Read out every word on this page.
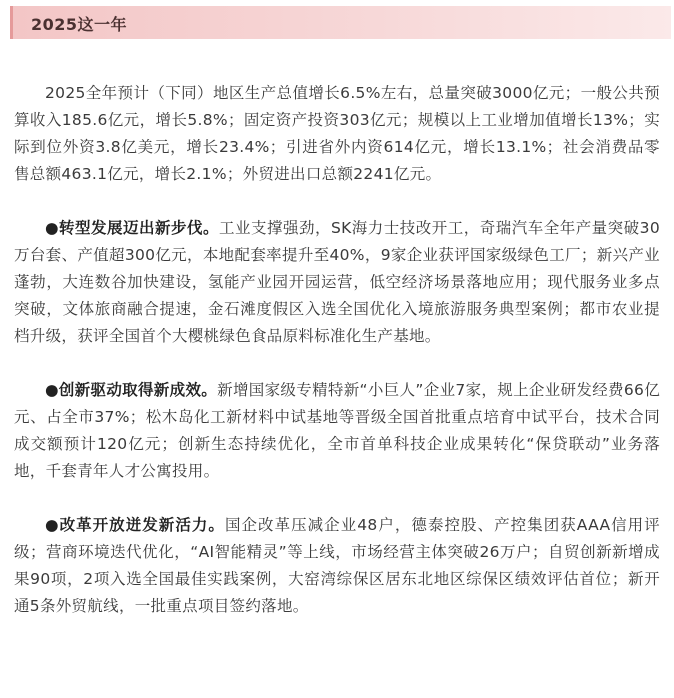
2025这一年

2025全年预计（下同）地区生产总值增长6.5%左右，总量突破3000亿元；一般公共预算收入185.6亿元，增长5.8%；固定资产投资303亿元；规模以上工业增加值增长13%；实际到位外资3.8亿美元，增长23.4%；引进省外内资614亿元，增长13.1%；社会消费品零售总额463.1亿元，增长2.1%；外贸进出口总额2241亿元。

●转型发展迈出新步伐。工业支撑强劲，SK海力士技改开工，奇瑞汽车全年产量突破30万台套、产值超300亿元，本地配套率提升至40%，9家企业获评国家级绿色工厂；新兴产业蓬勃，大连数谷加快建设，氢能产业园开园运营，低空经济场景落地应用；现代服务业多点突破，文体旅商融合提速，金石滩度假区入选全国优化入境旅游服务典型案例；都市农业提档升级，获评全国首个大樱桃绿色食品原料标准化生产基地。

●创新驱动取得新成效。新增国家级专精特新“小巨人”企业7家，规上企业研发经费66亿元、占全市37%；松木岛化工新材料中试基地等晋级全国首批重点培育中试平台，技术合同成交额预计120亿元；创新生态持续优化，全市首单科技企业成果转化“保贷联动”业务落地，千套青年人才公寓投用。

●改革开放迸发新活力。国企改革压减企业48户，德泰控股、产控集团获AAA信用评级；营商环境迭代优化，“AI智能精灵”等上线，市场经营主体突破26万户；自贸创新新增成果90项，2项入选全国最佳实践案例，大窑湾综保区居东北地区综保区绩效评估首位；新开通5条外贸航线，一批重点项目签约落地。
